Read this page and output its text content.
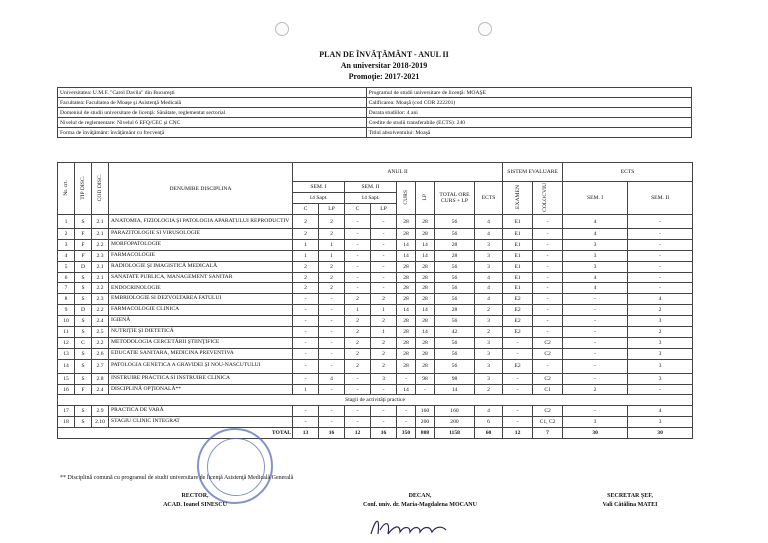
PLAN DE ÎNVĂŢĂMÂNT - ANUL II
An universitar 2018-2019
Promoţie: 2017-2021
Universitatea: U.M.F. "Carol Davila" din Bucureşti	Programul de studii universitare de licenţă: MOAŞE
Facultatea: Facultatea de Moaşe şi Asistenţă Medicală	Calificarea: Moaşă (cod COR 222201)
Domeniul de studii universitare de licenţă: Sănătate, reglementat sectorial	Durata studiilor: 4 ani
Nivelul de reglementare: Nivelul 6 EFQ/CEC şi CNC	Credite de studii transferabile (ECTS): 240
Forma de învăţământ: învăţământ cu frecvenţă	Titlul absolventului: Moaşă
Nr. crt.	TIP DISC.	COD DISC.	DENUMIRE DISCIPLINA	ANUL II								SISTEM EVALUARE		ECTS	
				SEM. I		SEM. II		CURS	LP	TOTAL ORE CURS + LP	ECTS	EXAMEN	COLOCVIU	SEM. I	SEM. II
				14 Sapt.		14 Sapt.									
				C	LP	C	LP								
1	S	2.1	ANATOMIA, FIZIOLOGIA ŞI PATOLOGIA APARATULUI REPRODUCTIV	2	2	-	-	28	28	56	4	E1	-	4	-
2	F	2.1	PARAZITOLOGIE SI VIRUSOLOGIE	2	2	-	-	28	28	56	4	E1	-	4	-
3	F	2.2	MORFOPATOLOGIE	1	1	-	-	14	14	28	3	E1	-	3	-
4	F	2.3	FARMACOLOGIE	1	1	-	-	14	14	28	3	E1	-	3	-
5	D	2.1	RADIOLOGIE ŞI IMAGISTICĂ MEDICALĂ	2	2	-	-	28	28	56	3	E1	-	3	-
6	S	2.1	SANATATE PUBLICA, MANAGEMENT SANITAR	2	2	-	-	28	28	56	4	E1	-	4	-
7	S	2.2	ENDOCRINOLOGIE	2	2	-	-	28	28	56	4	E1	-	4	-
8	S	2.3	EMBRIOLOGIE SI DEZVOLTAREA FATULUI	-	-	2	2	28	28	56	4	E2	-	-	4
9	D	2.2	FARMACOLOGIE CLINICA	-	-	1	1	14	14	28	2	E2	-	-	2
10	S	2.4	IGIENĂ	-	-	2	2	28	28	56	3	E2	-	-	3
11	S	2.5	NUTRIŢIE ŞI DIETETICĂ	-	-	2	1	28	14	42	2	E2	-	-	2
12	C	2.2	METODOLOGIA CERCETĂRII ŞTIINŢIFICE	-	-	2	2	28	28	56	3	-	C2	-	3
13	S	2.6	EDUCATIE SANITARA, MEDICINA PREVENTIVA	-	-	2	2	28	28	56	3	-	C2	-	3
14	S	2.7	PATOLOGIA GENETICA A GRAVIDEI ŞI NOU-NASCUTULUI	-	-	2	2	28	28	56	3	E2	-	-	3
15	S	2.8	INSTRUIRE PRACTICA SI INSTRUIRE CLINICA	-	4	-	3	-	98	98	3	-	C2	-	3
16	F	2.4	DISCIPLINĂ OPŢIONALĂ**	1	-	-	-	14	-	14	2	-	C1	2	-
Stagii de activităţi practice															
17	S	2.9	PRACTICA DE VARĂ	-	-	-	-	-	160	160	4	-	C2	-	4
18	S	2.10	STAGIU CLINIC INTEGRAT	-	-	-	-	-	200	200	6	-	C1, C2	3	3
TOTAL				13	16	12	16	350	808	1158	60	12	7	30	30
** Disciplină comună cu programul de studii universitare de licenţă Asistenţă Medicală Generală
RECTOR,
ACAD. Ioanel SINESCU
DECAN,
Conf. univ. dr. Maria-Magdalena MOCANU
SECRETAR ŞEF,
Vali Cătălina MATEI
